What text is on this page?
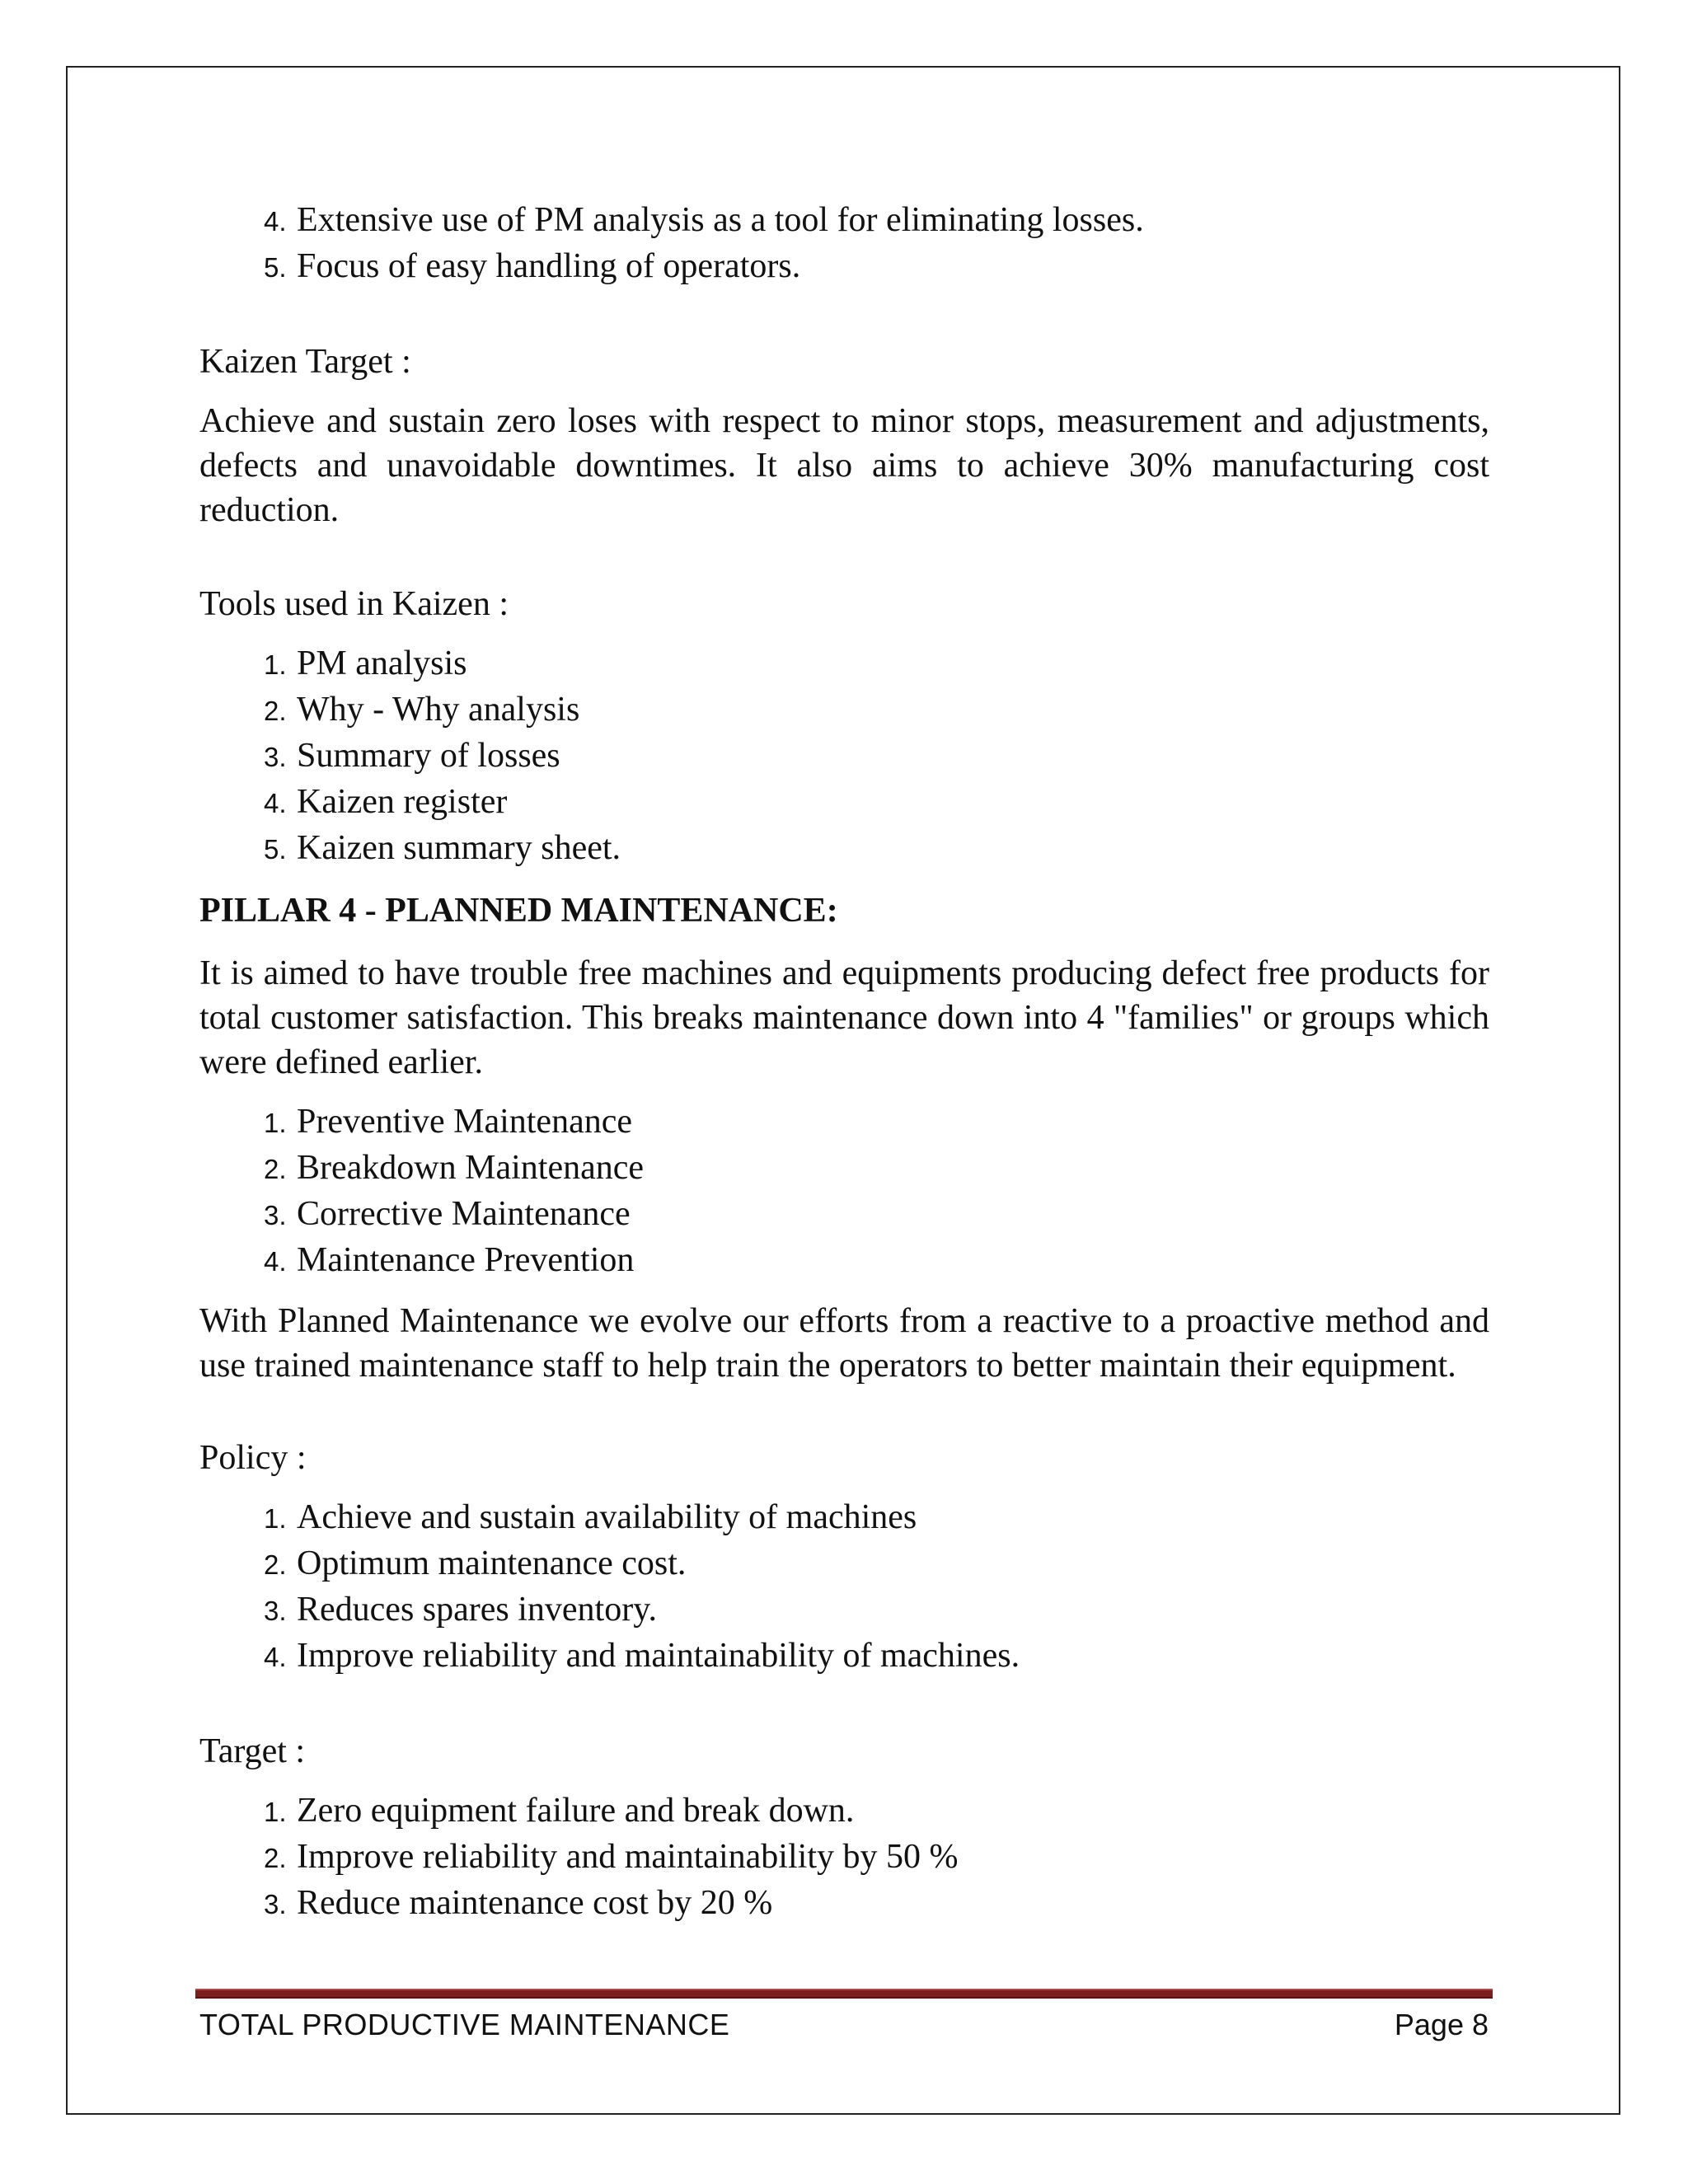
4. Extensive use of PM analysis as a tool for eliminating losses.
5. Focus of easy handling of operators.

Kaizen Target :

Achieve and sustain zero loses with respect to minor stops, measurement and adjustments, defects and unavoidable downtimes. It also aims to achieve 30% manufacturing cost reduction.

Tools used in Kaizen :

1. PM analysis
2. Why - Why analysis
3. Summary of losses
4. Kaizen register
5. Kaizen summary sheet.

PILLAR 4 - PLANNED MAINTENANCE:

It is aimed to have trouble free machines and equipments producing defect free products for total customer satisfaction. This breaks maintenance down into 4 "families" or groups which were defined earlier.

1. Preventive Maintenance
2. Breakdown Maintenance
3. Corrective Maintenance
4. Maintenance Prevention

With Planned Maintenance we evolve our efforts from a reactive to a proactive method and use trained maintenance staff to help train the operators to better maintain their equipment.

Policy :

1. Achieve and sustain availability of machines
2. Optimum maintenance cost.
3. Reduces spares inventory.
4. Improve reliability and maintainability of machines.

Target :

1. Zero equipment failure and break down.
2. Improve reliability and maintainability by 50 %
3. Reduce maintenance cost by 20 %
TOTAL PRODUCTIVE MAINTENANCE	Page 8
